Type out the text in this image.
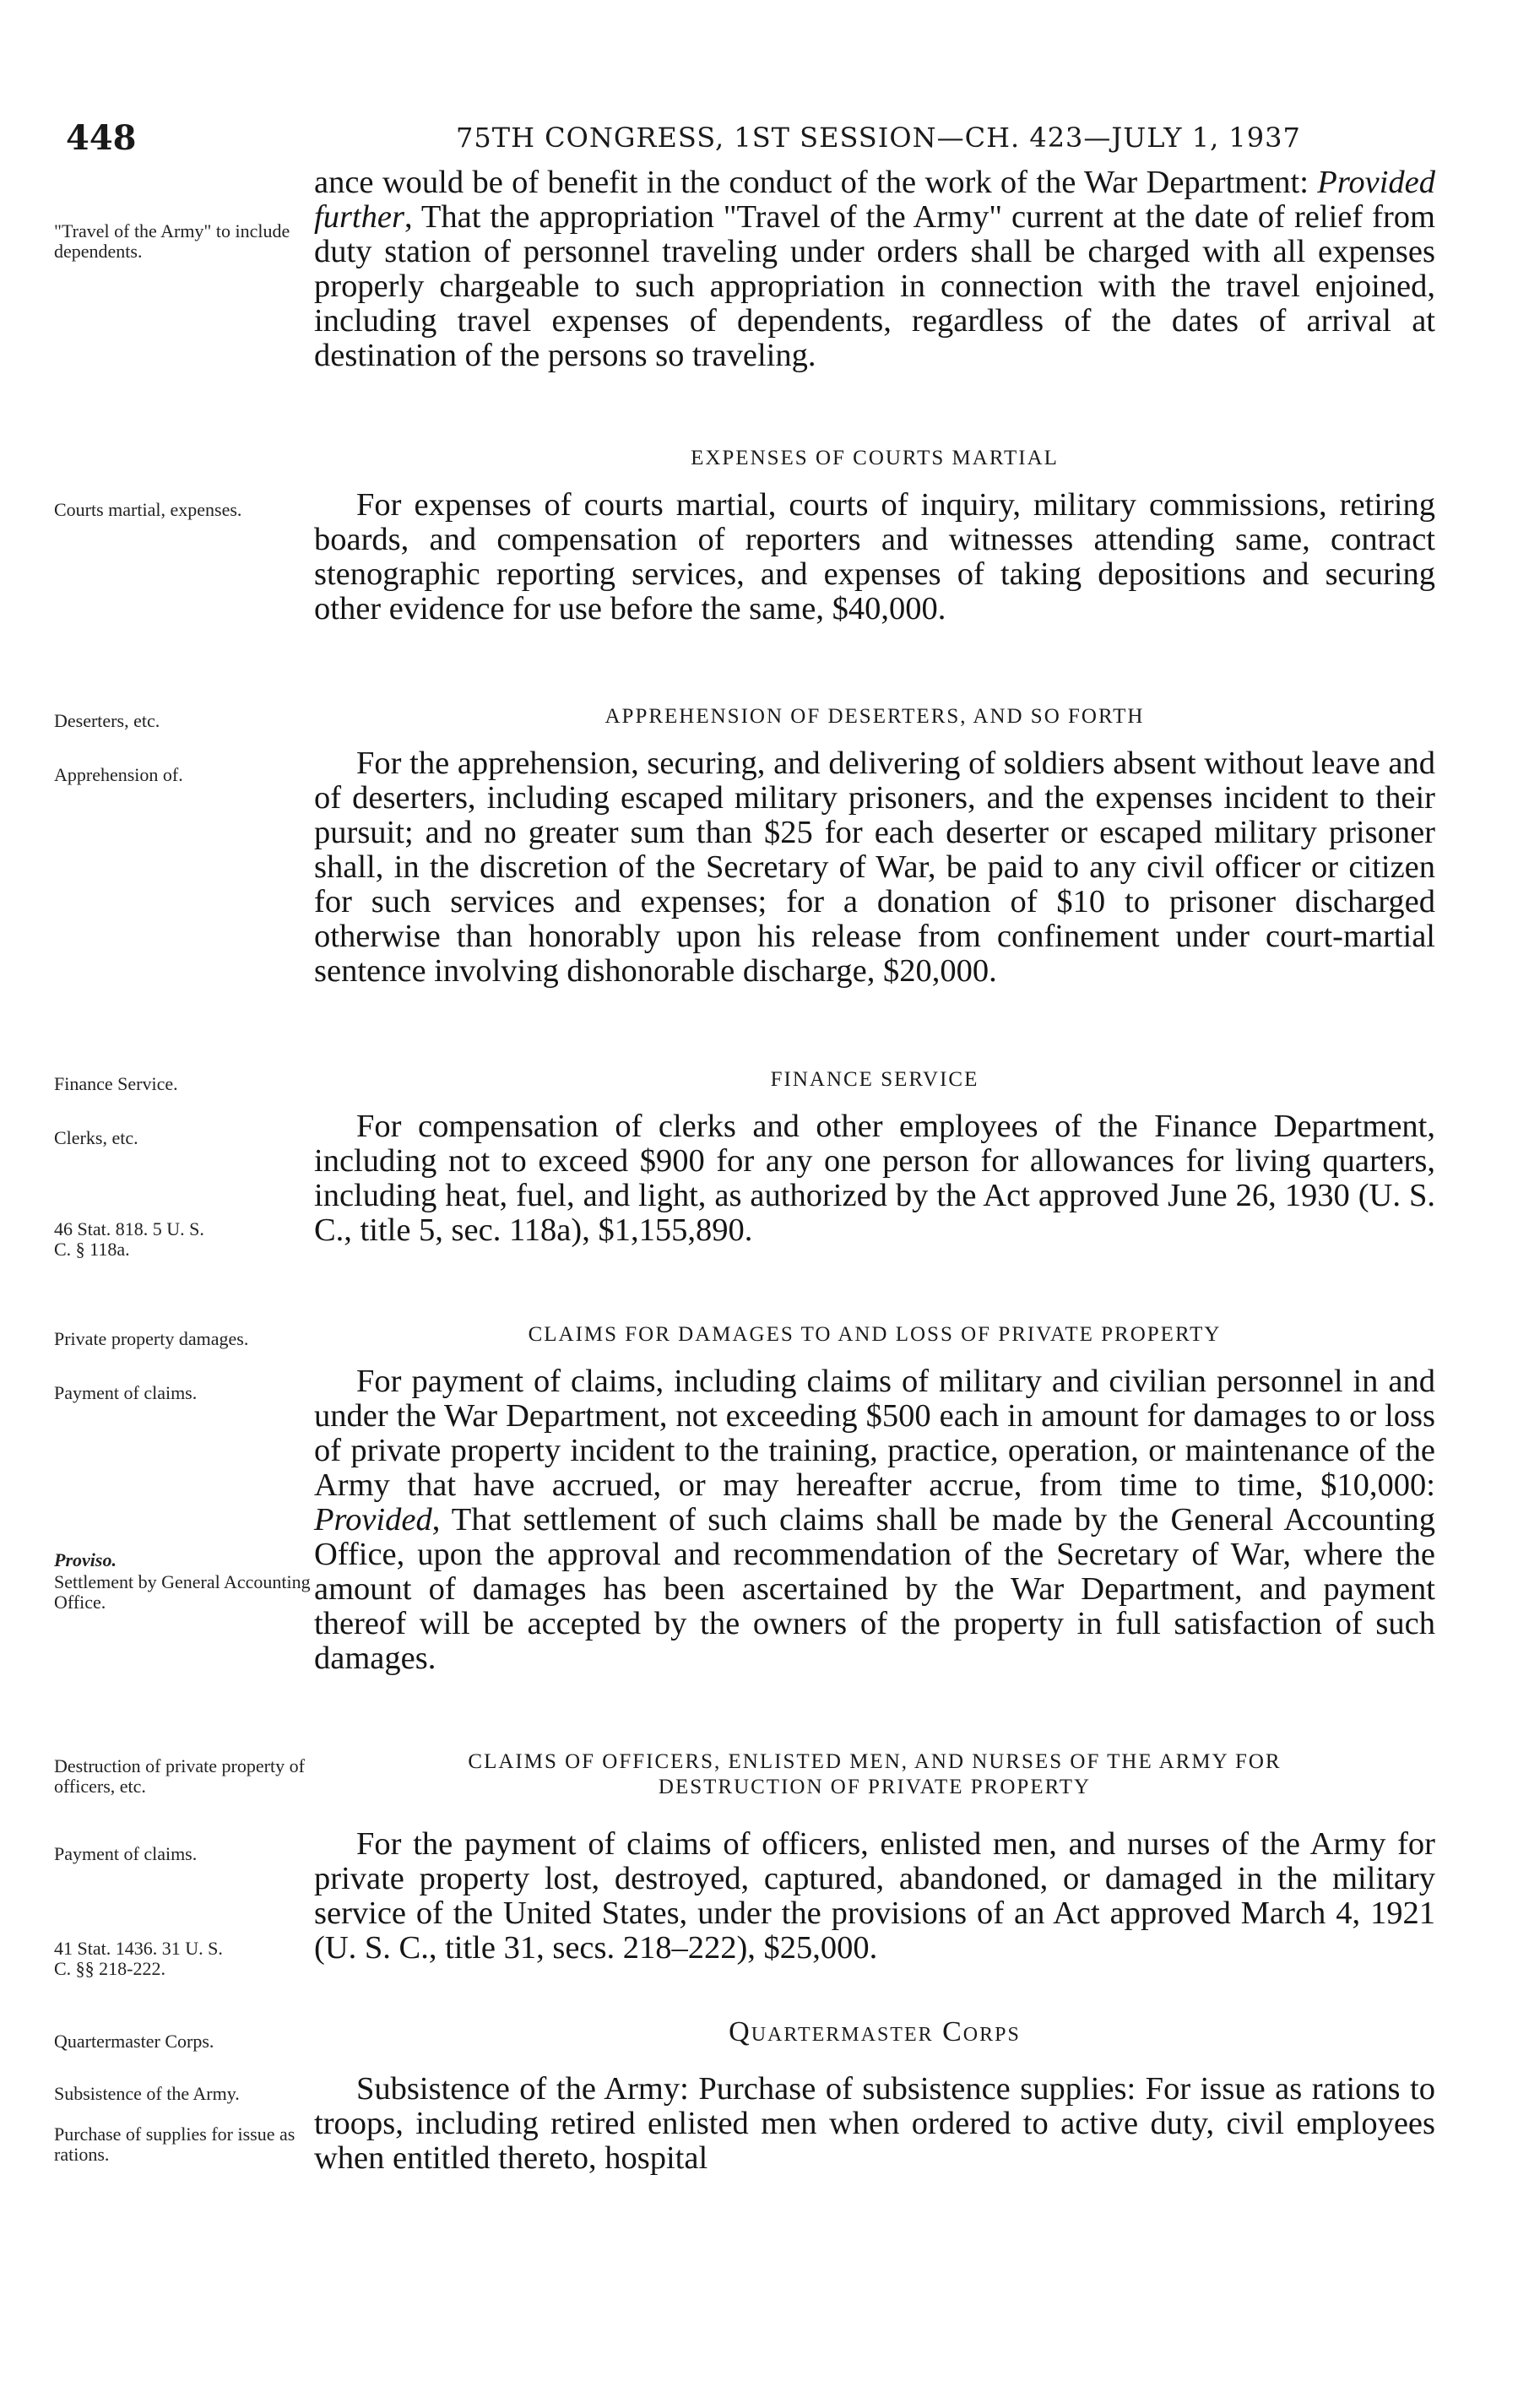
448	75TH CONGRESS, 1ST SESSION—CH. 423—JULY 1, 1937
"Travel of the Army" to include dependents.
Courts martial, expenses.
Deserters, etc.
Apprehension of.
Finance Service.
Clerks, etc.
46 Stat. 818. 5 U. S. C. § 118a.
Private property damages.
Payment of claims.
Proviso.
Settlement by General Accounting Office.
Destruction of private property of officers, etc.
Payment of claims.
41 Stat. 1436. 31 U. S. C. §§ 218-222.
Quartermaster Corps.
Subsistence of the Army.
Purchase of supplies for issue as rations.
ance would be of benefit in the conduct of the work of the War Department: Provided further, That the appropriation "Travel of the Army" current at the date of relief from duty station of personnel traveling under orders shall be charged with all expenses properly chargeable to such appropriation in connection with the travel enjoined, including travel expenses of dependents, regardless of the dates of arrival at destination of the persons so traveling.
EXPENSES OF COURTS MARTIAL
For expenses of courts martial, courts of inquiry, military commissions, retiring boards, and compensation of reporters and witnesses attending same, contract stenographic reporting services, and expenses of taking depositions and securing other evidence for use before the same, $40,000.
APPREHENSION OF DESERTERS, AND SO FORTH
For the apprehension, securing, and delivering of soldiers absent without leave and of deserters, including escaped military prisoners, and the expenses incident to their pursuit; and no greater sum than $25 for each deserter or escaped military prisoner shall, in the discretion of the Secretary of War, be paid to any civil officer or citizen for such services and expenses; for a donation of $10 to prisoner discharged otherwise than honorably upon his release from confinement under court-martial sentence involving dishonorable discharge, $20,000.
FINANCE SERVICE
For compensation of clerks and other employees of the Finance Department, including not to exceed $900 for any one person for allowances for living quarters, including heat, fuel, and light, as authorized by the Act approved June 26, 1930 (U. S. C., title 5, sec. 118a), $1,155,890.
CLAIMS FOR DAMAGES TO AND LOSS OF PRIVATE PROPERTY
For payment of claims, including claims of military and civilian personnel in and under the War Department, not exceeding $500 each in amount for damages to or loss of private property incident to the training, practice, operation, or maintenance of the Army that have accrued, or may hereafter accrue, from time to time, $10,000: Provided, That settlement of such claims shall be made by the General Accounting Office, upon the approval and recommendation of the Secretary of War, where the amount of damages has been ascertained by the War Department, and payment thereof will be accepted by the owners of the property in full satisfaction of such damages.
CLAIMS OF OFFICERS, ENLISTED MEN, AND NURSES OF THE ARMY FOR
DESTRUCTION OF PRIVATE PROPERTY
For the payment of claims of officers, enlisted men, and nurses of the Army for private property lost, destroyed, captured, abandoned, or damaged in the military service of the United States, under the provisions of an Act approved March 4, 1921 (U. S. C., title 31, secs. 218–222), $25,000.
Quartermaster Corps
Subsistence of the Army: Purchase of subsistence supplies: For issue as rations to troops, including retired enlisted men when ordered to active duty, civil employees when entitled thereto, hospital
